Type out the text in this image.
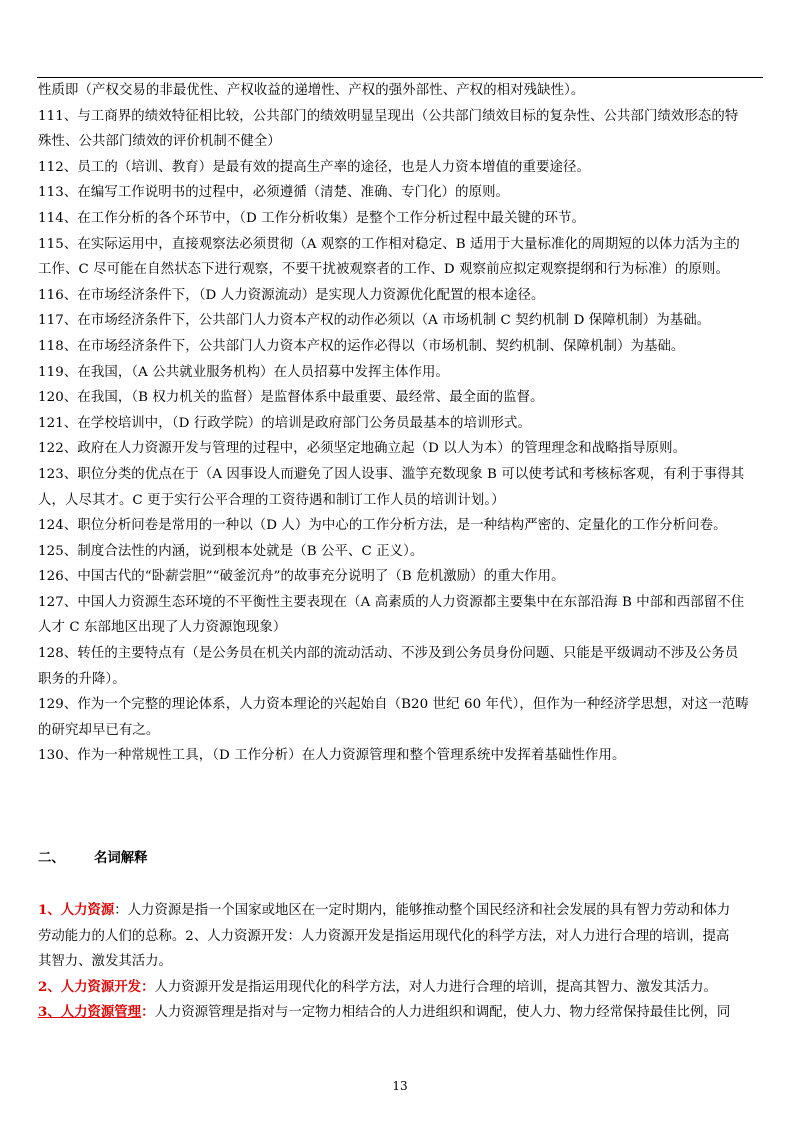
性质即（产权交易的非最优性、产权收益的递增性、产权的强外部性、产权的相对残缺性）。
111、与工商界的绩效特征相比较，公共部门的绩效明显呈现出（公共部门绩效目标的复杂性、公共部门绩效形态的特
殊性、公共部门绩效的评价机制不健全）
112、员工的（培训、教育）是最有效的提高生产率的途径，也是人力资本增值的重要途径。
113、在编写工作说明书的过程中，必须遵循（清楚、准确、专门化）的原则。
114、在工作分析的各个环节中，（D 工作分析收集）是整个工作分析过程中最关键的环节。
115、在实际运用中，直接观察法必须贯彻（A 观察的工作相对稳定、B 适用于大量标准化的周期短的以体力活为主的
工作、C 尽可能在自然状态下进行观察，不要干扰被观察者的工作、D 观察前应拟定观察提纲和行为标准）的原则。
116、在市场经济条件下，（D 人力资源流动）是实现人力资源优化配置的根本途径。
117、在市场经济条件下，公共部门人力资本产权的动作必须以（A 市场机制 C 契约机制 D 保障机制）为基础。
118、在市场经济条件下，公共部门人力资本产权的运作必得以（市场机制、契约机制、保障机制）为基础。
119、在我国，（A 公共就业服务机构）在人员招募中发挥主体作用。
120、在我国，（B 权力机关的监督）是监督体系中最重要、最经常、最全面的监督。
121、在学校培训中，（D 行政学院）的培训是政府部门公务员最基本的培训形式。
122、政府在人力资源开发与管理的过程中，必须坚定地确立起（D 以人为本）的管理理念和战略指导原则。
123、职位分类的优点在于（A 因事设人而避免了因人设事、滥竽充数现象 B 可以使考试和考核标客观，有利于事得其
人，人尽其才。C 更于实行公平合理的工资待遇和制订工作人员的培训计划。）
124、职位分析问卷是常用的一种以（D 人）为中心的工作分析方法，是一种结构严密的、定量化的工作分析问卷。
125、制度合法性的内涵，说到根本处就是（B 公平、C 正义）。
126、中国古代的“卧薪尝胆”“破釜沉舟”的故事充分说明了（B 危机激励）的重大作用。
127、中国人力资源生态环境的不平衡性主要表现在（A 高素质的人力资源都主要集中在东部沿海 B 中部和西部留不住
人才 C 东部地区出现了人力资源饱现象）
128、转任的主要特点有（是公务员在机关内部的流动活动、不涉及到公务员身份问题、只能是平级调动不涉及公务员
职务的升降）。
129、作为一个完整的理论体系，人力资本理论的兴起始自（B20 世纪 60 年代），但作为一种经济学思想，对这一范畴
的研究却早已有之。
130、作为一种常规性工具，（D 工作分析）在人力资源管理和整个管理系统中发挥着基础性作用。
二、 名词解释
1、人力资源：人力资源是指一个国家或地区在一定时期内，能够推动整个国民经济和社会发展的具有智力劳动和体力
劳动能力的人们的总称。2、人力资源开发：人力资源开发是指运用现代化的科学方法，对人力进行合理的培训，提高
其智力、激发其活力。
2、人力资源开发：人力资源开发是指运用现代化的科学方法，对人力进行合理的培训，提高其智力、激发其活力。
3、人力资源管理：人力资源管理是指对与一定物力相结合的人力进组织和调配，使人力、物力经常保持最佳比例，同
13
